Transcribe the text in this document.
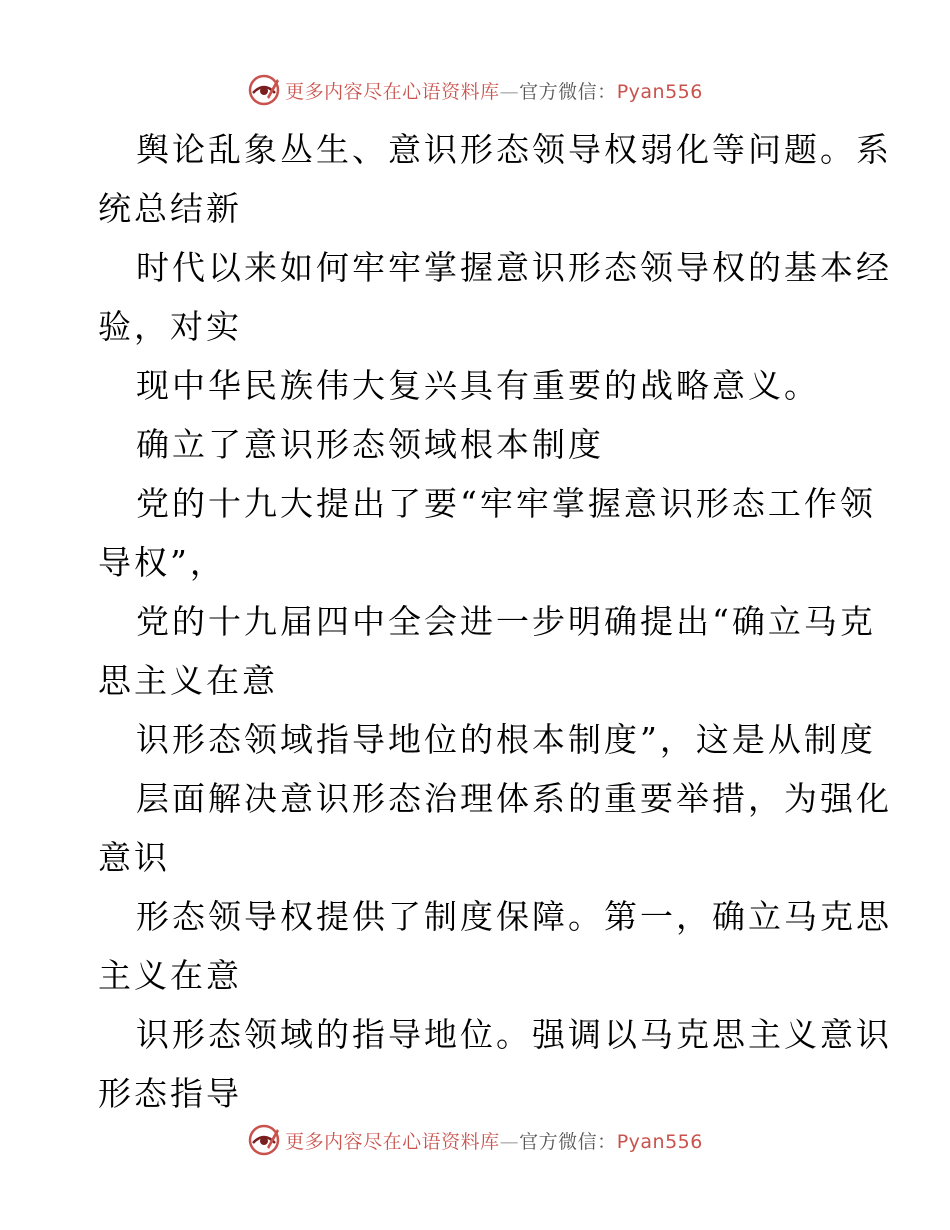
更多内容尽在心语资料库—官方微信：Pyan556
舆论乱象丛生、意识形态领导权弱化等问题。系
统总结新
时代以来如何牢牢掌握意识形态领导权的基本经
验，对实
现中华民族伟大复兴具有重要的战略意义。
确立了意识形态领域根本制度
党的十九大提出了要“牢牢掌握意识形态工作领
导权”，
党的十九届四中全会进一步明确提出“确立马克
思主义在意
识形态领域指导地位的根本制度”，这是从制度
层面解决意识形态治理体系的重要举措，为强化
意识
形态领导权提供了制度保障。第一，确立马克思
主义在意
识形态领域的指导地位。强调以马克思主义意识
形态指导
更多内容尽在心语资料库—官方微信：Pyan556
